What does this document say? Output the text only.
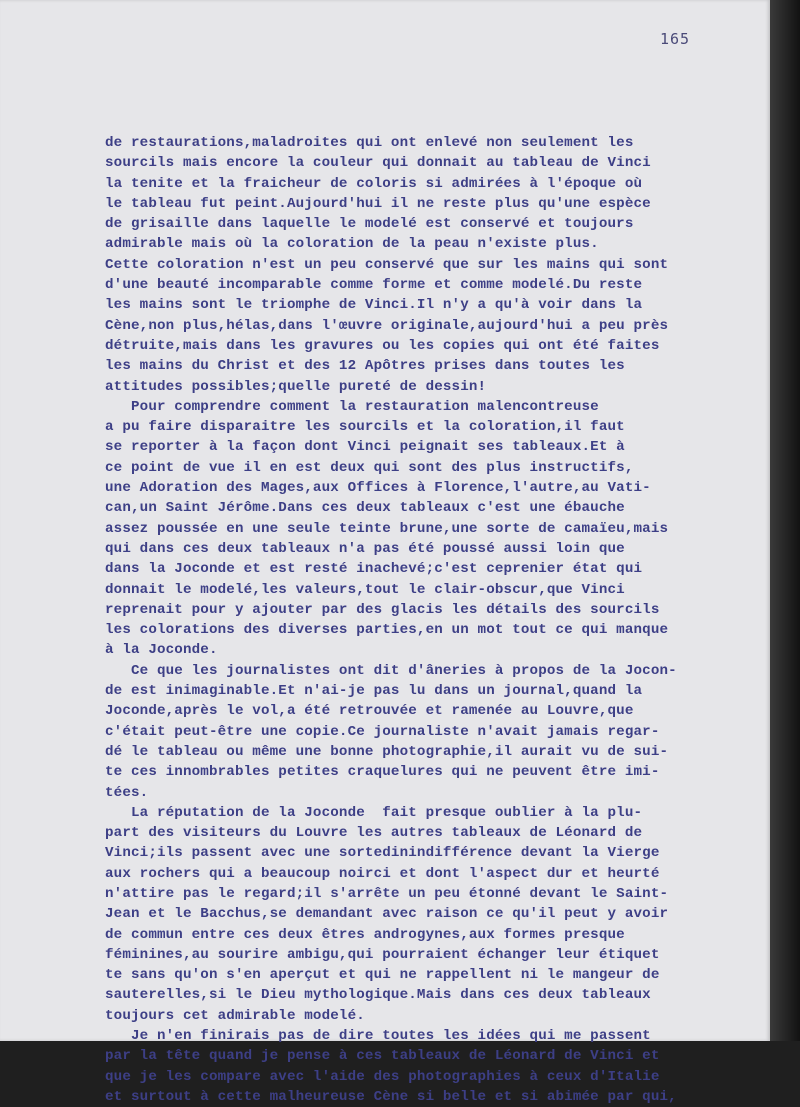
165
de restaurations,maladroites qui ont enlevé non seulement les
sourcils mais encore la couleur qui donnait au tableau de Vinci
la tenite et la fraicheur de coloris si admirées à l'époque où
le tableau fut peint.Aujourd'hui il ne reste plus qu'une espèce
de grisaille dans laquelle le modelé est conservé et toujours
admirable mais où la coloration de la peau n'existe plus.
Cette coloration n'est un peu conservé que sur les mains qui sont
d'une beauté incomparable comme forme et comme modelé.Du reste
les mains sont le triomphe de Vinci.Il n'y a qu'à voir dans la
Cène,non plus,hélas,dans l'œuvre originale,aujourd'hui a peu près
détruite,mais dans les gravures ou les copies qui ont été faites
les mains du Christ et des 12 Apôtres prises dans toutes les
attitudes possibles;quelle pureté de dessin!
Pour comprendre comment la restauration malencontreuse
a pu faire disparaitre les sourcils et la coloration,il faut
se reporter à la façon dont Vinci peignait ses tableaux.Et à
ce point de vue il en est deux qui sont des plus instructifs,
une Adoration des Mages,aux Offices à Florence,l'autre,au Vati-
can,un Saint Jérôme.Dans ces deux tableaux c'est une ébauche
assez poussée en une seule teinte brune,une sorte de camaïeu,mais
qui dans ces deux tableaux n'a pas été poussé aussi loin que
dans la Joconde et est resté inachevé;c'est ceprenier état qui
donnait le modelé,les valeurs,tout le clair-obscur,que Vinci
reprenait pour y ajouter par des glacis les détails des sourcils
les colorations des diverses parties,en un mot tout ce qui manque
à la Joconde.
Ce que les journalistes ont dit d'âneries à propos de la Jocon-
de est inimaginable.Et n'ai-je pas lu dans un journal,quand la
Joconde,après le vol,a été retrouvée et ramenée au Louvre,que
c'était peut-être une copie.Ce journaliste n'avait jamais regar-
dé le tableau ou même une bonne photographie,il aurait vu de sui-
te ces innombrables petites craquelures qui ne peuvent être imi-
tées.
La réputation de la Joconde  fait presque oublier à la plu-
part des visiteurs du Louvre les autres tableaux de Léonard de
Vinci;ils passent avec une sortedinindifférence devant la Vierge
aux rochers qui a beaucoup noirci et dont l'aspect dur et heurté
n'attire pas le regard;il s'arrête un peu étonné devant le Saint-
Jean et le Bacchus,se demandant avec raison ce qu'il peut y avoir
de commun entre ces deux êtres androgynes,aux formes presque
féminines,au sourire ambigu,qui pourraient échanger leur étiquet
te sans qu'on s'en aperçut et qui ne rappellent ni le mangeur de
sauterelles,si le Dieu mythologique.Mais dans ces deux tableaux
toujours cet admirable modelé.
Je n'en finirais pas de dire toutes les idées qui me passent
par la tête quand je pense à ces tableaux de Léonard de Vinci et
que je les compare avec l'aide des photographies à ceux d'Italie
et surtout à cette malheureuse Cène si belle et si abimée par qui,
